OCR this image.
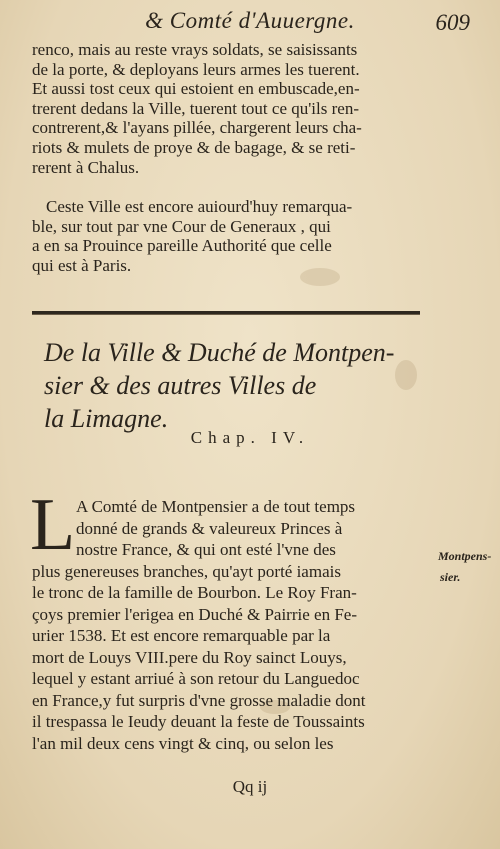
& Comté d'Auuergne.	609
renco, mais au reste vrays soldats, se saisissants
de la porte, & deployans leurs armes les tuerent.
Et aussi tost ceux qui estoient en embuscade,en-
trerent dedans la Ville, tuerent tout ce qu'ils ren-
contrerent,& l'ayans pillée, chargerent leurs cha-
riots & mulets de proye & de bagage, & se reti-
rerent à Chalus.
Ceste Ville est encore auiourd'huy remarqua-
ble, sur tout par vne Cour de Generaux , qui
a en sa Prouince pareille Authorité que celle
qui est à Paris.
De la Ville & Duché de Montpen-
sier & des autres Villes de
la Limagne.
Chap. IV.
L A Comté de Montpensier a de tout temps
donné de grands & valeureux Princes à
nostre France, & qui ont esté l'vne des
plus genereuses branches, qu'ayt porté iamais
le tronc de la famille de Bourbon. Le Roy Fran-
çoys premier l'erigea en Duché & Pairrie en Fe-
urier 1538. Et est encore remarquable par la
mort de Louys VIII.pere du Roy sainct Louys,
lequel y estant arriué à son retour du Languedoc
en France,y fut surpris d'vne grosse maladie dont
il trespassa le Ieudy deuant la feste de Toussaints
l'an mil deux cens vingt & cinq, ou selon les
Montpens-
sier.
Qq ij
